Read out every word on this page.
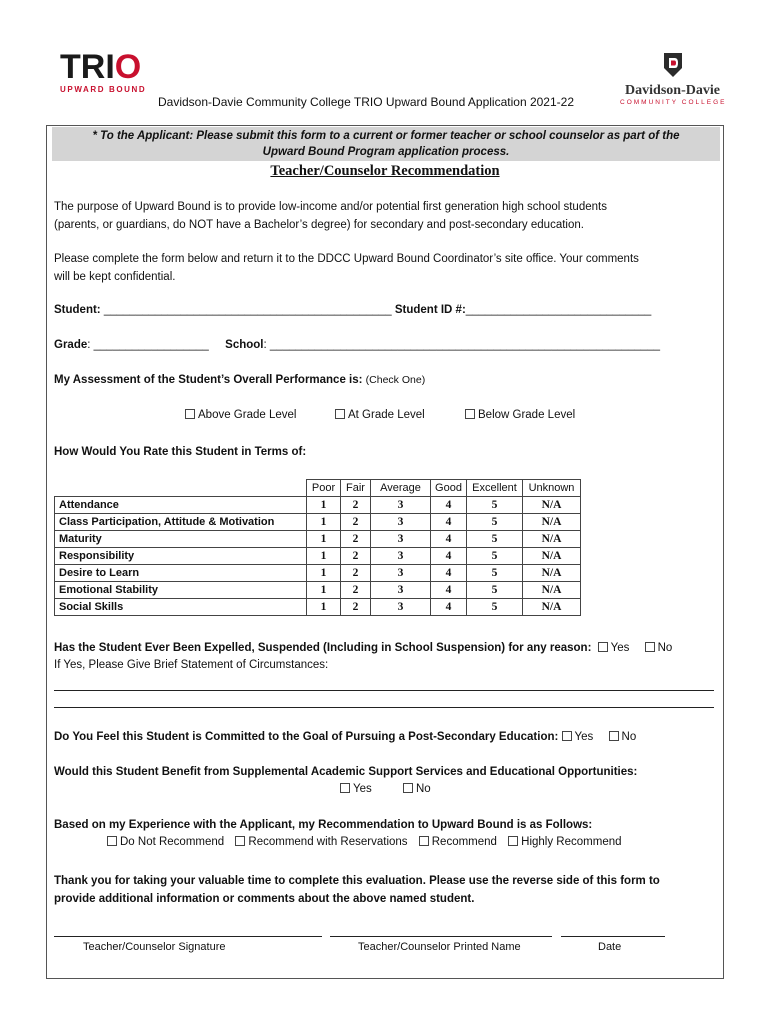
TRIO
UPWARD BOUND	Davidson-Davie
COMMUNITY COLLEGE
Davidson-Davie Community College TRIO Upward Bound Application 2021-22
* To the Applicant: Please submit this form to a current or former teacher or school counselor as part of the
Upward Bound Program application process.
Teacher/Counselor Recommendation
The purpose of Upward Bound is to provide low-income and/or potential first generation high school students
(parents, or guardians, do NOT have a Bachelor’s degree) for secondary and post-secondary education.
Please complete the form below and return it to the DDCC Upward Bound Coordinator’s site office. Your comments
will be kept confidential.
Student: _____________________________________________ Student ID #:_____________________________
Grade: __________________ School: _____________________________________________________________
My Assessment of the Student’s Overall Performance is: (Check One)
Above Grade Level	At Grade Level	Below Grade Level
How Would You Rate this Student in Terms of:
	Poor	Fair	Average	Good	Excellent	Unknown
Attendance	1	2	3	4	5	N/A
Class Participation, Attitude & Motivation	1	2	3	4	5	N/A
Maturity	1	2	3	4	5	N/A
Responsibility	1	2	3	4	5	N/A
Desire to Learn	1	2	3	4	5	N/A
Emotional Stability	1	2	3	4	5	N/A
Social Skills	1	2	3	4	5	N/A
Has the Student Ever Been Expelled, Suspended (Including in School Suspension) for any reason: Yes No
If Yes, Please Give Brief Statement of Circumstances:
Do You Feel this Student is Committed to the Goal of Pursuing a Post-Secondary Education: Yes No
Would this Student Benefit from Supplemental Academic Support Services and Educational Opportunities:
Yes	No
Based on my Experience with the Applicant, my Recommendation to Upward Bound is as Follows:
Do Not Recommend Recommend with Reservations Recommend Highly Recommend
Thank you for taking your valuable time to complete this evaluation. Please use the reverse side of this form to
provide additional information or comments about the above named student.
Teacher/Counselor Signature	Teacher/Counselor Printed Name	Date
